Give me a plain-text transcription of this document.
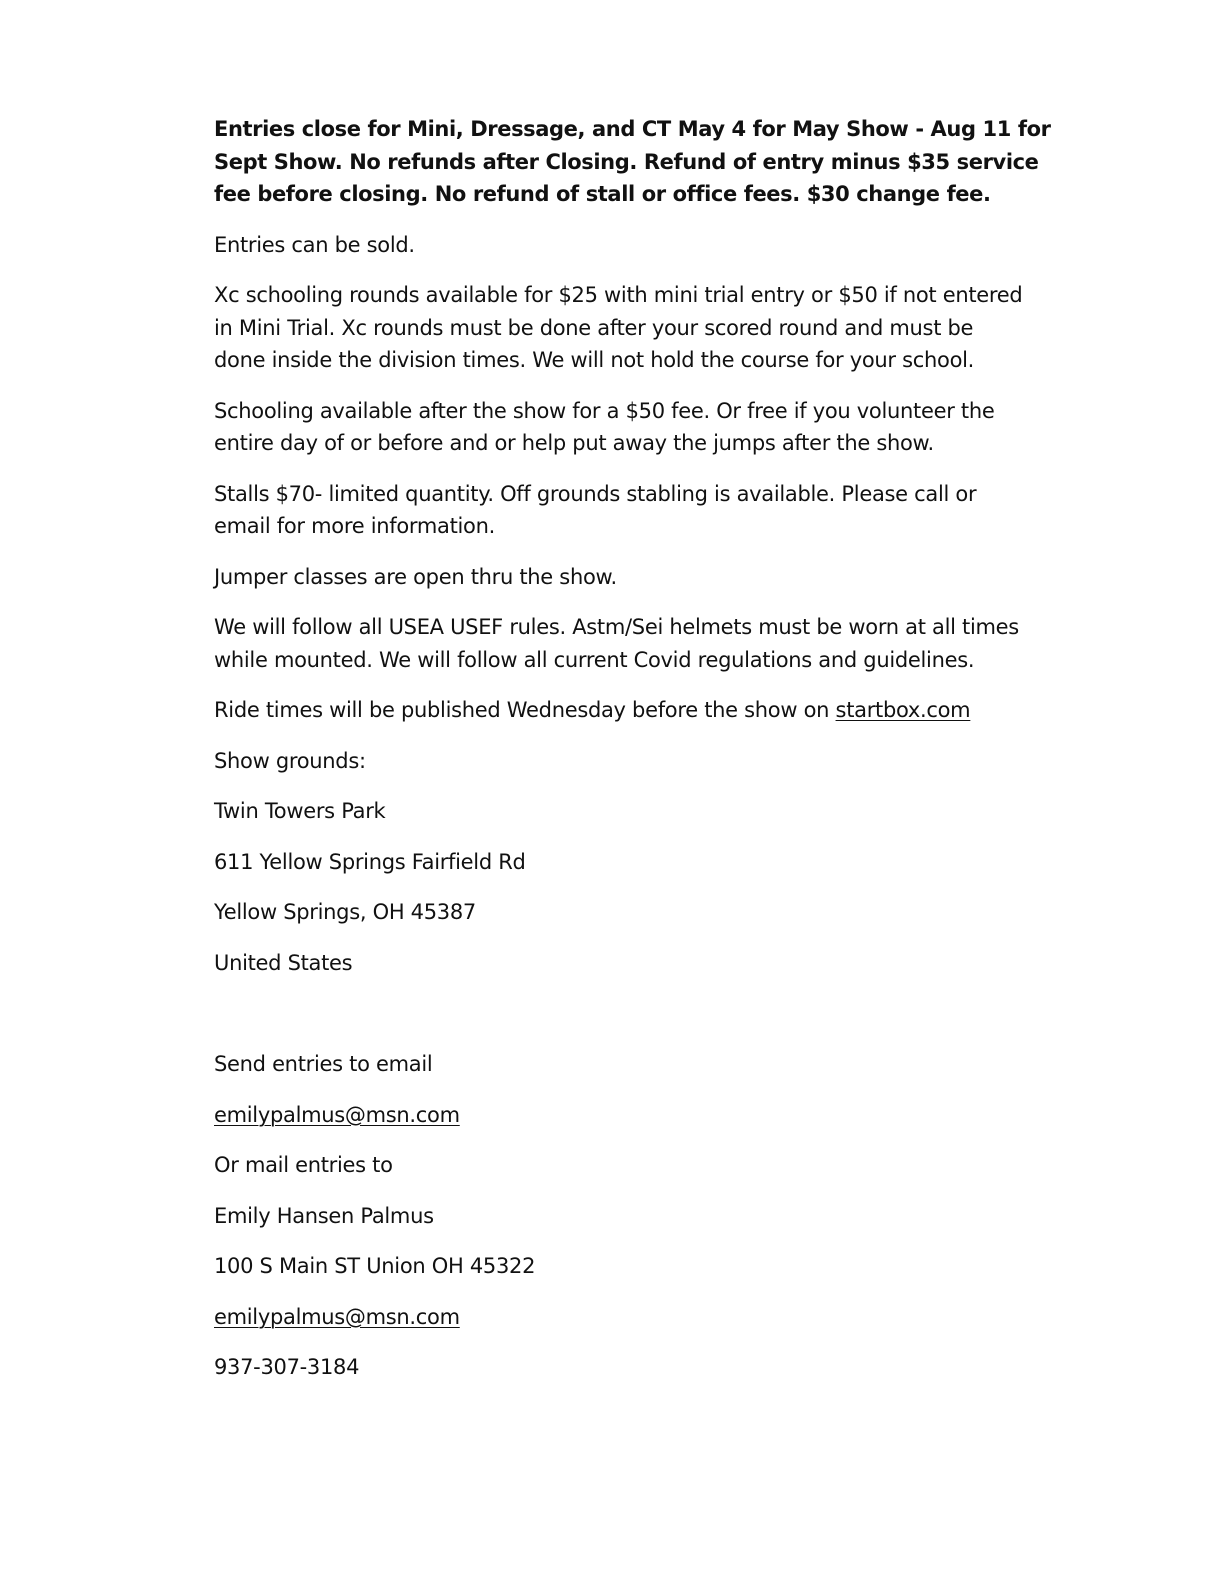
Entries close for Mini, Dressage, and CT May 4 for May Show - Aug 11 for
Sept Show. No refunds after Closing. Refund of entry minus $35 service
fee before closing. No refund of stall or office fees. $30 change fee.

Entries can be sold.

Xc schooling rounds available for $25 with mini trial entry or $50 if not entered
in Mini Trial. Xc rounds must be done after your scored round and must be
done inside the division times. We will not hold the course for your school.

Schooling available after the show for a $50 fee. Or free if you volunteer the
entire day of or before and or help put away the jumps after the show.

Stalls $70- limited quantity. Off grounds stabling is available. Please call or
email for more information.

Jumper classes are open thru the show.

We will follow all USEA USEF rules. Astm/Sei helmets must be worn at all times
while mounted. We will follow all current Covid regulations and guidelines.

Ride times will be published Wednesday before the show on startbox.com

Show grounds:

Twin Towers Park

611 Yellow Springs Fairfield Rd

Yellow Springs, OH 45387

United States

Send entries to email

emilypalmus@msn.com

Or mail entries to

Emily Hansen Palmus

100 S Main ST Union OH 45322

emilypalmus@msn.com

937-307-3184
